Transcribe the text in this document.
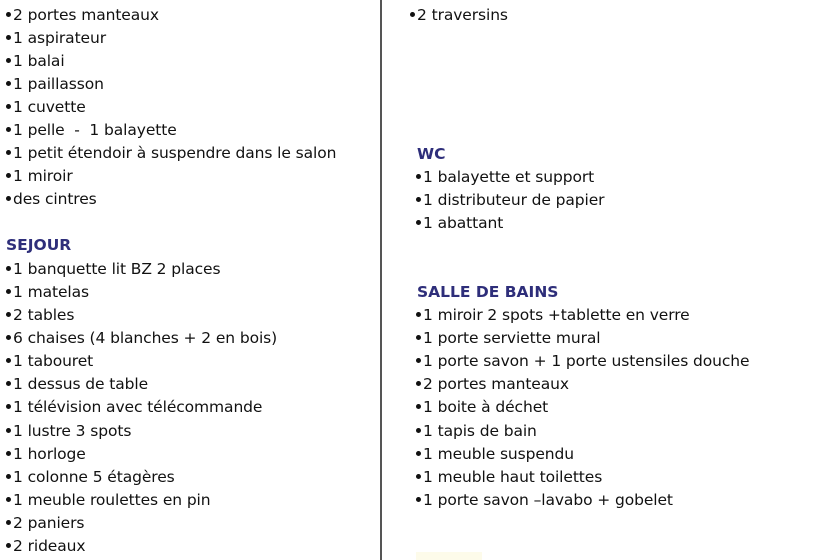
2 portes manteaux
1 aspirateur
1 balai
1 paillasson
1 cuvette
1 pelle  -  1 balayette
1 petit étendoir à suspendre dans le salon
1 miroir
des cintres
SEJOUR
1 banquette lit BZ 2 places
1 matelas
2 tables
6 chaises (4 blanches + 2 en bois)
1 tabouret
1 dessus de table
1 télévision avec télécommande
1 lustre 3 spots
1 horloge
1 colonne 5 étagères
1 meuble roulettes en pin
2 paniers
2 rideaux
2 traversins
WC
1 balayette et support
1 distributeur de papier
1 abattant
SALLE DE BAINS
1 miroir 2 spots +tablette en verre
1 porte serviette mural
1 porte savon + 1 porte ustensiles douche
2 portes manteaux
1 boite à déchet
1 tapis de bain
1 meuble suspendu
1 meuble haut toilettes
1 porte savon –lavabo + gobelet
